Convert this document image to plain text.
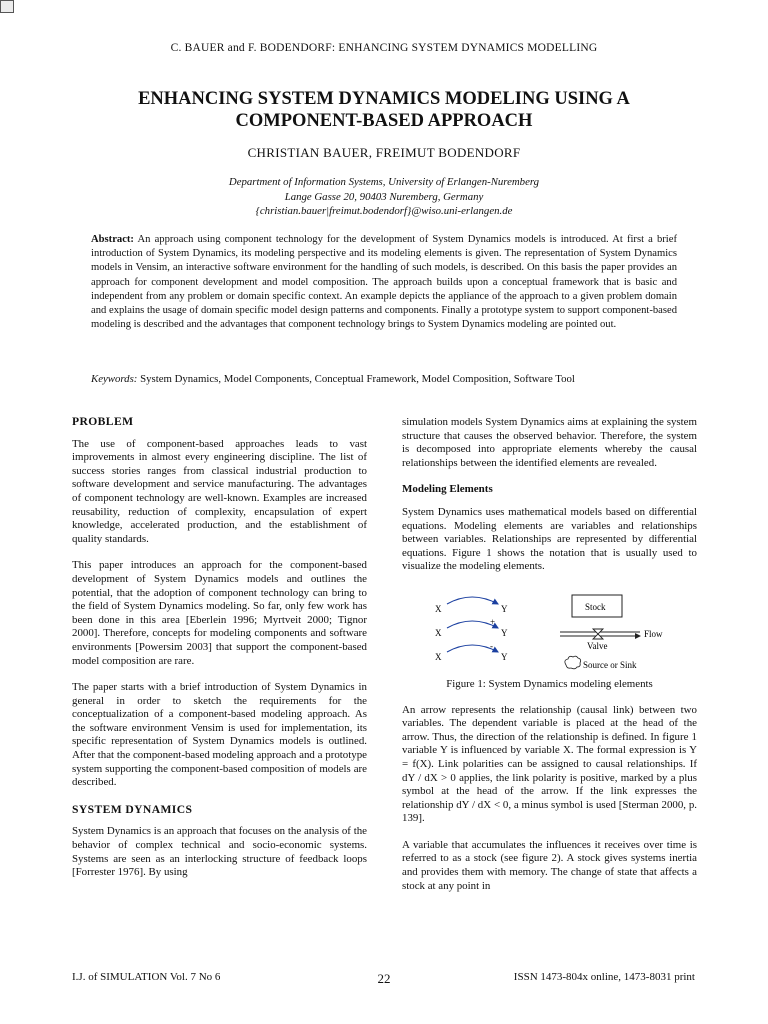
C. BAUER and F. BODENDORF: ENHANCING SYSTEM DYNAMICS MODELLING
ENHANCING SYSTEM DYNAMICS MODELING USING A
COMPONENT-BASED APPROACH
CHRISTIAN BAUER, FREIMUT BODENDORF
Department of Information Systems, University of Erlangen-Nuremberg
Lange Gasse 20, 90403 Nuremberg, Germany
{christian.bauer|freimut.bodendorf}@wiso.uni-erlangen.de

Abstract: An approach using component technology for the development of System Dynamics models is introduced. At first a brief introduction of System Dynamics, its modeling perspective and its modeling elements is given. The representation of System Dynamics models in Vensim, an interactive software environment for the handling of such models, is described. On this basis the paper provides an approach for component development and model composition. The approach builds upon a conceptual framework that is basic and independent from any problem or domain specific context. An example depicts the appliance of the approach to a given problem domain and explains the usage of domain specific model design patterns and components. Finally a prototype system to support component-based modeling is described and the advantages that component technology brings to System Dynamics modeling are pointed out.

Keywords: System Dynamics, Model Components, Conceptual Framework, Model Composition, Software Tool

PROBLEM

The use of component-based approaches leads to vast improvements in almost every engineering discipline. The list of success stories ranges from classical industrial production to software development and service manufacturing. The advantages of component technology are well-known. Examples are increased reusability, reduction of complexity, encapsulation of expert knowledge, accelerated production, and the establishment of quality standards.

This paper introduces an approach for the component-based development of System Dynamics models and outlines the potential, that the adoption of component technology can bring to the field of System Dynamics modeling. So far, only few work has been done in this area [Eberlein 1996; Myrtveit 2000; Tignor 2000]. Therefore, concepts for modeling components and software environments [Powersim 2003] that support the component-based model composition are rare.

The paper starts with a brief introduction of System Dynamics in general in order to sketch the requirements for the conceptualization of a component-based modeling approach. As the software environment Vensim is used for implementation, its specific representation of System Dynamics models is outlined. After that the component-based modeling approach and a prototype system supporting the component-based composition of models are described.

SYSTEM DYNAMICS

System Dynamics is an approach that focuses on the analysis of the behavior of complex technical and socio-economic systems. Systems are seen as an interlocking structure of feedback loops [Forrester 1976]. By using

simulation models System Dynamics aims at explaining the system structure that causes the observed behavior. Therefore, the system is decomposed into appropriate elements whereby the causal relationships between the identified elements are revealed.

Modeling Elements

System Dynamics uses mathematical models based on differential equations. Modeling elements are variables and relationships between variables. Relationships are represented by differential equations. Figure 1 shows the notation that is usually used to visualize the modeling elements.

X	Y
X
+
Y
X
-
Y
Stock
Flow
Valve
Source or Sink
Figure 1: System Dynamics modeling elements

An arrow represents the relationship (causal link) between two variables. The dependent variable is placed at the head of the arrow. Thus, the direction of the relationship is defined. In figure 1 variable Y is influenced by variable X. The formal expression is Y = f(X). Link polarities can be assigned to causal relationships. If dY / dX > 0 applies, the link polarity is positive, marked by a plus symbol at the head of the arrow. If the link expresses the relationship dY / dX < 0, a minus symbol is used [Sterman 2000, p. 139].

A variable that accumulates the influences it receives over time is referred to as a stock (see figure 2). A stock gives systems inertia and provides them with memory. The change of state that affects a stock at any point in

I.J. of SIMULATION Vol. 7 No 6	22	ISSN 1473-804x online, 1473-8031 print
